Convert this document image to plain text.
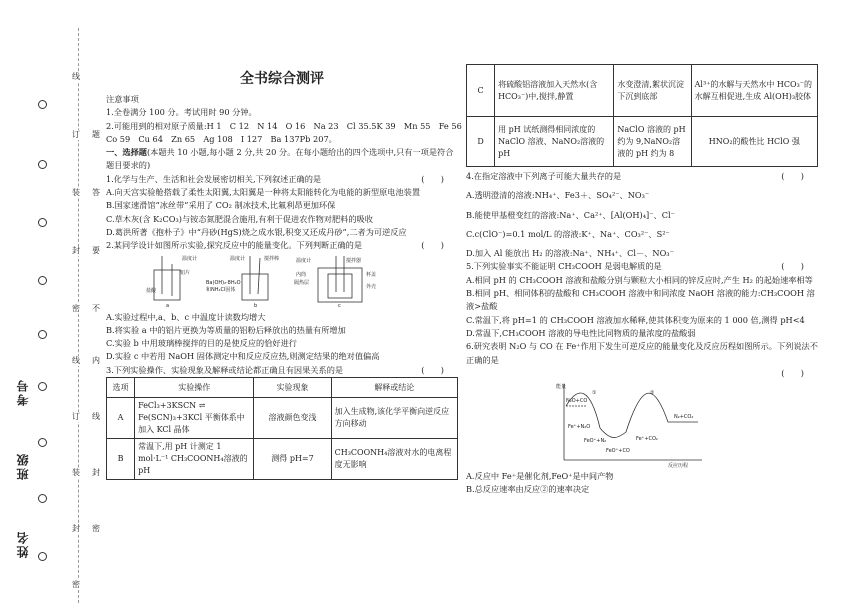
线
订
装
封
密
线
订
装
封
密
题
答
要
不
内
线
封
密
考号
班级
姓名
全书综合测评

注意事项

1.全卷满分 100 分。考试用时 90 分钟。

2.可能用到的相对原子质量:H 1　C 12　N 14　O 16　Na 23　Cl 35.5K 39　Mn 55　Fe 56

Co 59　Cu 64　Zn 65　Ag 108　I 127　Ba 137Pb 207。

一、选择题(本题共 10 小题,每小题 2 分,共 20 分。在每小题给出的四个选项中,只有一项是符合题目要求的)

1.化学与生产、生活和社会发展密切相关,下列叙述正确的是	(　　)

A.向天宫实验舱搭载了柔性太阳翼,太阳翼是一种将太阳能转化为电能的新型原电池装置

B.国家速滑馆“冰丝带”采用了 CO₂ 制冰技术,比氟利昂更加环保

C.草木灰(含 K₂CO₃)与铵态氮肥混合施用,有利于促进农作物对肥料的吸收

D.葛洪所著《抱朴子》中“丹砂(HgS)烧之成水银,积变又还成丹砂”,二者为可逆反应

2.某同学设计如图所示实验,探究反应中的能量变化。下列判断正确的是	(　　)
温度计
铝片
盐酸
温度计	搅拌棒
Ba(OH)₂·8H₂O
和NH₄Cl固体
温度计	搅拌器
内筒
隔热层
杯盖
外壳
a	b	c

A.实验过程中,a、b、c 中温度计读数均增大

B.将实验 a 中的铝片更换为等质量的铝粉后释放出的热量有所增加

C.实验 b 中用玻璃棒搅拌的目的是使反应的恰好进行

D.实验 c 中若用 NaOH 固体测定中和反应反应热,则测定结果的绝对值偏高

3.下列实验操作、实验现象及解释或结论都正确且有因果关系的是	(　　)
选项	实验操作	实验现象	解释或结论
A	FeCl₃+3KSCN ⇌ Fe(SCN)₃+3KCl 平衡体系中加入 KCl 晶体	溶液颜色变浅	加入生成物,该化学平衡向逆反应方向移动
B	常温下,用 pH 计测定 1 mol·L⁻¹ CH₃COONH₄溶液的 pH	测得 pH=7	CH₃COONH₄溶液对水的电离程度无影响
C	将硫酸铝溶液加入天然水(含HCO₃⁻)中,搅拌,静置	水变澄清,絮状沉淀下沉到底部	Al³⁺的水解与天然水中 HCO₃⁻的水解互相促进,生成 Al(OH)₃胶体
D	用 pH 试纸测得相同浓度的 NaClO 溶液、NaNO₂溶液的 pH	NaClO 溶液的 pH 约为 9,NaNO₂溶液的 pH 约为 8	HNO₂的酸性比 HClO 强
4.在指定溶液中下列离子可能大量共存的是	(　　)

A.透明澄清的溶液:NH₄⁺、Fe3＋、SO₄²⁻、NO₃⁻

B.能使甲基橙变红的溶液:Na⁺、Ca²⁺、[Al(OH)₄]⁻、Cl⁻

C.c(ClO⁻)=0.1 mol/L 的溶液:K⁺、Na⁺、CO₃²⁻、S²⁻

D.加入 Al 能放出 H₂ 的溶液:Na⁺、NH₄⁺、Cl－、NO₃⁻

5.下列实验事实不能证明 CH₃COOH 是弱电解质的是	(　　)

A.相同 pH 的 CH₃COOH 溶液和盐酸分别与颗粒大小相同的锌反应时,产生 H₂ 的起始速率相等

B.相同 pH、相同体积的盐酸和 CH₃COOH 溶液中和同浓度 NaOH 溶液的能力:CH₃COOH 溶液>盐酸

C.常温下,将 pH=1 的 CH₃COOH 溶液加水稀释,使其体积变为原来的 1 000 倍,测得 pH<4

D.常温下,CH₃COOH 溶液的导电性比同物质的量浓度的盐酸弱

6.研究表明 N₂O 与 CO 在 Fe⁺作用下发生可逆反应的能量变化及反应历程如图所示。下列说法不正确的是

(　　)
N₂O+CO
N₂+CO₂
反应历程
Fe⁺+N₂O
FeO⁺+N₂
FeO⁺+CO
Fe⁺+CO₂
①	②
能量

A.反应中 Fe⁺是催化剂,FeO⁺是中间产物

B.总反应速率由反应②的速率决定
